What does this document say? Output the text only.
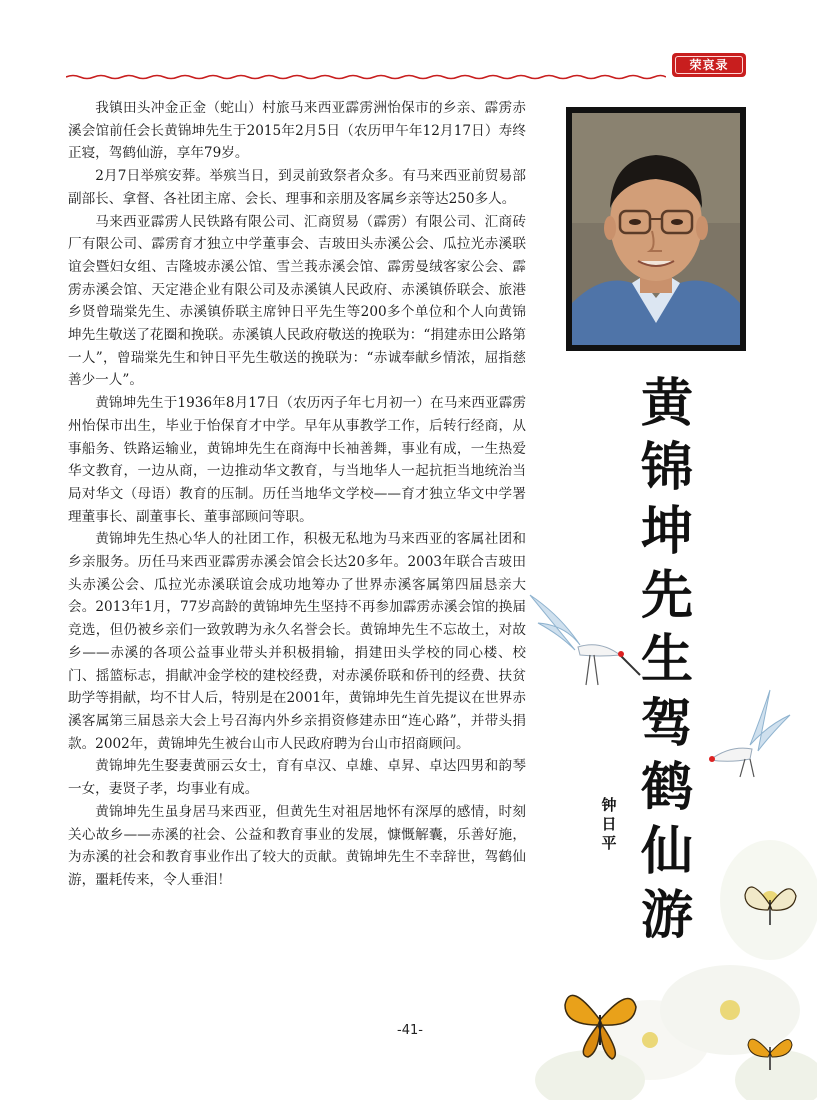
荣哀录

我镇田头冲金正金（蛇山）村旅马来西亚霹雳洲怡保市的乡亲、霹雳赤溪会馆前任会长黄锦坤先生于2015年2月5日（农历甲午年12月17日）寿终正寝，驾鹤仙游，享年79岁。

2月7日举殡安葬。举殡当日，到灵前致祭者众多。有马来西亚前贸易部副部长、拿督、各社团主席、会长、理事和亲朋及客属乡亲等达250多人。

马来西亚霹雳人民铁路有限公司、汇商贸易（霹雳）有限公司、汇商砖厂有限公司、霹雳育才独立中学董事会、吉玻田头赤溪公会、瓜拉光赤溪联谊会暨妇女组、吉隆坡赤溪公馆、雪兰莪赤溪会馆、霹雳曼绒客家公会、霹雳赤溪会馆、天定港企业有限公司及赤溪镇人民政府、赤溪镇侨联会、旅港乡贤曾瑞棠先生、赤溪镇侨联主席钟日平先生等200多个单位和个人向黄锦坤先生敬送了花圈和挽联。赤溪镇人民政府敬送的挽联为：“捐建赤田公路第一人”，曾瑞棠先生和钟日平先生敬送的挽联为：“赤诚奉献乡情浓，屈指慈善少一人”。

黄锦坤先生于1936年8月17日（农历丙子年七月初一）在马来西亚霹雳州怡保市出生，毕业于怡保育才中学。早年从事教学工作，后转行经商，从事船务、铁路运输业，黄锦坤先生在商海中长袖善舞，事业有成，一生热爱华文教育，一边从商，一边推动华文教育，与当地华人一起抗拒当地统治当局对华文（母语）教育的压制。历任当地华文学校——育才独立华文中学署理董事长、副董事长、董事部顾问等职。

黄锦坤先生热心华人的社团工作，积极无私地为马来西亚的客属社团和乡亲服务。历任马来西亚霹雳赤溪会馆会长达20多年。2003年联合吉玻田头赤溪公会、瓜拉光赤溪联谊会成功地筹办了世界赤溪客属第四届恳亲大会。2013年1月，77岁高龄的黄锦坤先生坚持不再参加霹雳赤溪会馆的换届竞选，但仍被乡亲们一致敦聘为永久名誉会长。黄锦坤先生不忘故土，对故乡——赤溪的各项公益事业带头并积极捐输，捐建田头学校的同心楼、校门、摇篮标志，捐献冲金学校的建校经费，对赤溪侨联和侨刊的经费、扶贫助学等捐献，均不甘人后，特别是在2001年，黄锦坤先生首先提议在世界赤溪客属第三届恳亲大会上号召海内外乡亲捐资修建赤田“连心路”，并带头捐款。2002年，黄锦坤先生被台山市人民政府聘为台山市招商顾问。

黄锦坤先生娶妻黄丽云女士，育有卓汉、卓雄、卓昇、卓达四男和韵琴一女，妻贤子孝，均事业有成。

黄锦坤先生虽身居马来西亚，但黄先生对祖居地怀有深厚的感情，时刻关心故乡——赤溪的社会、公益和教育事业的发展，慷慨解囊，乐善好施，为赤溪的社会和教育事业作出了较大的贡献。黄锦坤先生不幸辞世，驾鹤仙游，噩耗传来，令人垂泪！

黄
锦
坤
先
生
驾
鹤
仙
游
钟
日
平
-41-
